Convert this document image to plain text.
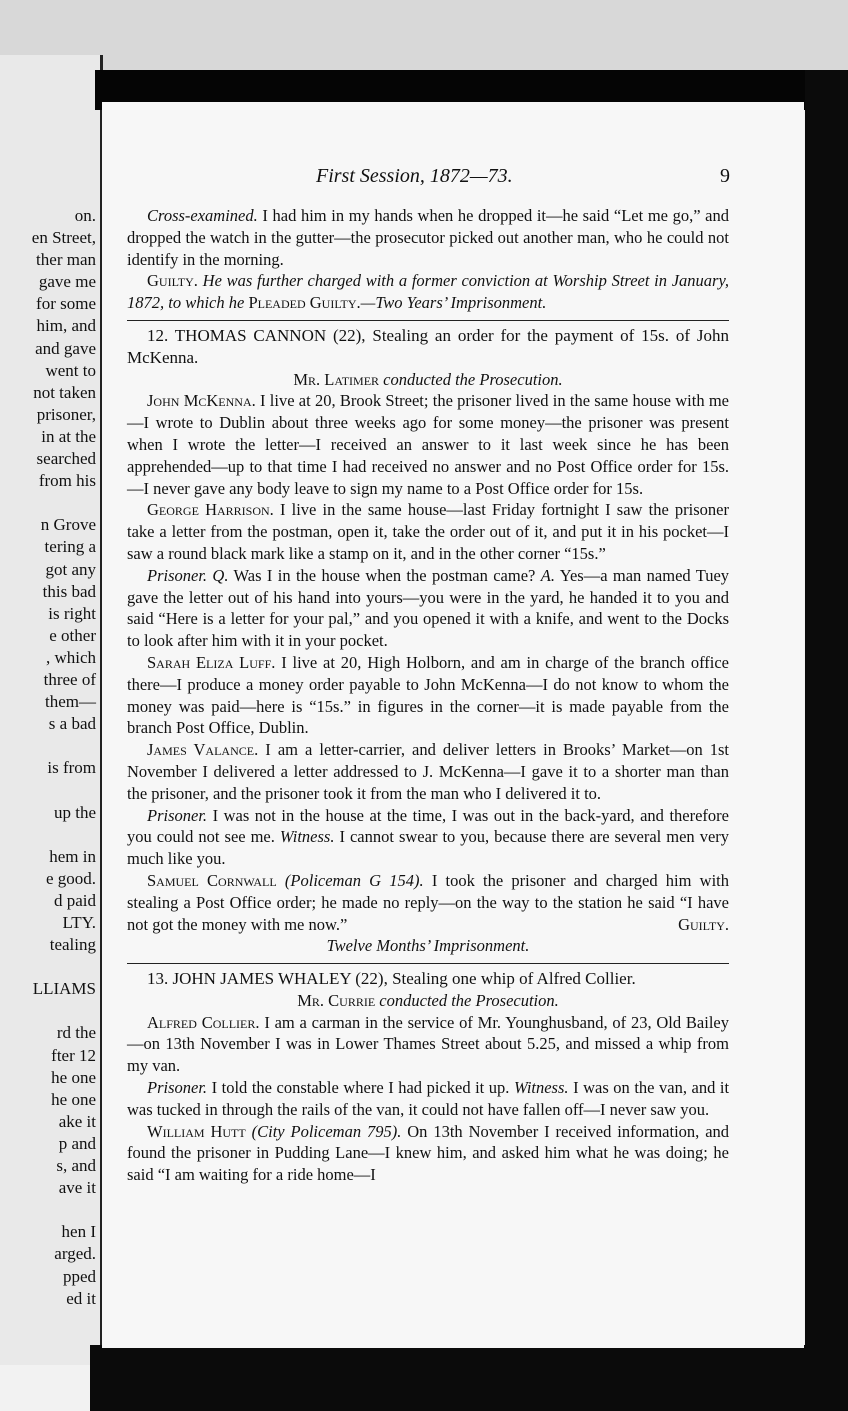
on.
en Street,
ther man
gave me
for some
him, and
and gave
went to
not taken
prisoner,
in at the
searched
from his

n Grove
tering a
got any
this bad
is right
e other
, which
three of
them—
s a bad

is from

up the

hem in
e good.
d paid
LTY.
tealing

LLIAMS

rd the
fter 12
he one
he one
ake it
p and
s, and
ave it

hen I
arged.
pped
ed it
First Session, 1872—73.	9

Cross-examined. I had him in my hands when he dropped it—he said “Let me go,” and dropped the watch in the gutter—the prosecutor picked out another man, who he could not identify in the morning.

Guilty. He was further charged with a former conviction at Worship Street in January, 1872, to which he Pleaded Guilty.—Two Years’ Imprisonment.

12. THOMAS CANNON (22), Stealing an order for the payment of 15s. of John McKenna.

Mr. Latimer conducted the Prosecution.

John McKenna. I live at 20, Brook Street; the prisoner lived in the same house with me—I wrote to Dublin about three weeks ago for some money—the prisoner was present when I wrote the letter—I received an answer to it last week since he has been apprehended—up to that time I had received no answer and no Post Office order for 15s.—I never gave any body leave to sign my name to a Post Office order for 15s.

George Harrison. I live in the same house—last Friday fortnight I saw the prisoner take a letter from the postman, open it, take the order out of it, and put it in his pocket—I saw a round black mark like a stamp on it, and in the other corner “15s.”

Prisoner. Q. Was I in the house when the postman came? A. Yes—a man named Tuey gave the letter out of his hand into yours—you were in the yard, he handed it to you and said “Here is a letter for your pal,” and you opened it with a knife, and went to the Docks to look after him with it in your pocket.

Sarah Eliza Luff. I live at 20, High Holborn, and am in charge of the branch office there—I produce a money order payable to John McKenna—I do not know to whom the money was paid—here is “15s.” in figures in the corner—it is made payable from the branch Post Office, Dublin.

James Valance. I am a letter-carrier, and deliver letters in Brooks’ Market—on 1st November I delivered a letter addressed to J. McKenna—I gave it to a shorter man than the prisoner, and the prisoner took it from the man who I delivered it to.

Prisoner. I was not in the house at the time, I was out in the back-yard, and therefore you could not see me. Witness. I cannot swear to you, because there are several men very much like you.

Samuel Cornwall (Policeman G 154). I took the prisoner and charged him with stealing a Post Office order; he made no reply—on the way to the station he said “I have not got the money with me now.”	Guilty.

Twelve Months’ Imprisonment.

13. JOHN JAMES WHALEY (22), Stealing one whip of Alfred Collier.

Mr. Currie conducted the Prosecution.

Alfred Collier. I am a carman in the service of Mr. Younghusband, of 23, Old Bailey—on 13th November I was in Lower Thames Street about 5.25, and missed a whip from my van.

Prisoner. I told the constable where I had picked it up. Witness. I was on the van, and it was tucked in through the rails of the van, it could not have fallen off—I never saw you.

William Hutt (City Policeman 795). On 13th November I received information, and found the prisoner in Pudding Lane—I knew him, and asked him what he was doing; he said “I am waiting for a ride home—I
